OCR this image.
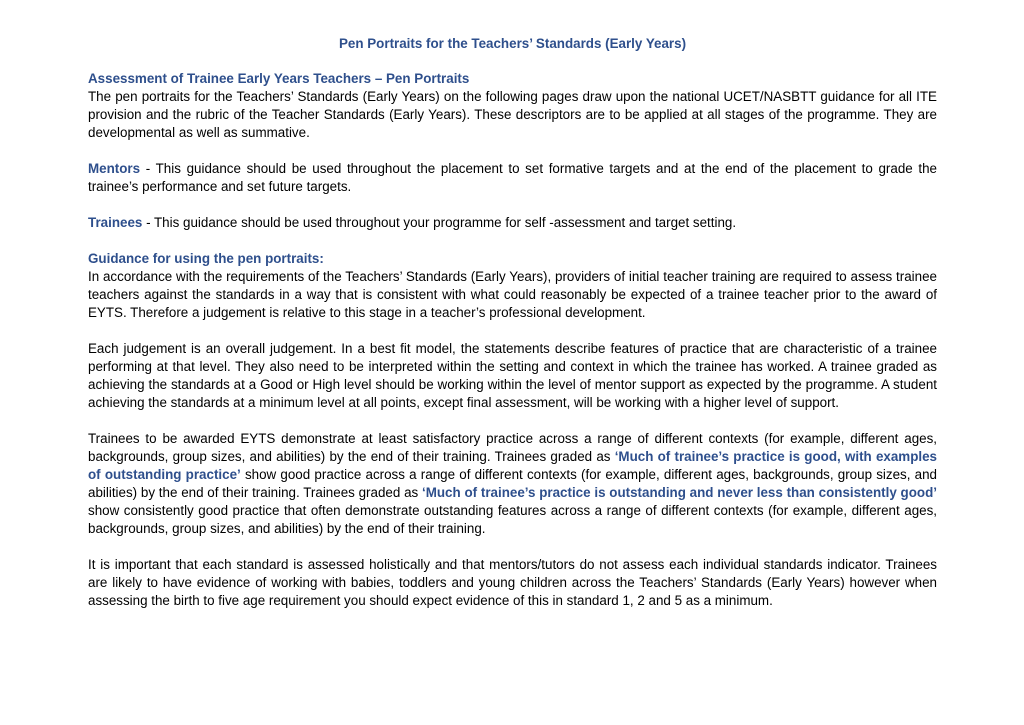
Pen Portraits for the Teachers’ Standards (Early Years)
Assessment of Trainee Early Years Teachers – Pen Portraits

The pen portraits for the Teachers’ Standards (Early Years) on the following pages draw upon the national UCET/NASBTT guidance for all ITE provision and the rubric of the Teacher Standards (Early Years). These descriptors are to be applied at all stages of the programme. They are developmental as well as summative.

Mentors - This guidance should be used throughout the placement to set formative targets and at the end of the placement to grade the trainee’s performance and set future targets.

Trainees - This guidance should be used throughout your programme for self -assessment and target setting.

Guidance for using the pen portraits:

In accordance with the requirements of the Teachers’ Standards (Early Years), providers of initial teacher training are required to assess trainee teachers against the standards in a way that is consistent with what could reasonably be expected of a trainee teacher prior to the award of EYTS. Therefore a judgement is relative to this stage in a teacher’s professional development.

Each judgement is an overall judgement. In a best fit model, the statements describe features of practice that are characteristic of a trainee performing at that level. They also need to be interpreted within the setting and context in which the trainee has worked. A trainee graded as achieving the standards at a Good or High level should be working within the level of mentor support as expected by the programme. A student achieving the standards at a minimum level at all points, except final assessment, will be working with a higher level of support.

Trainees to be awarded EYTS demonstrate at least satisfactory practice across a range of different contexts (for example, different ages, backgrounds, group sizes, and abilities) by the end of their training. Trainees graded as ‘Much of trainee’s practice is good, with examples of outstanding practice’ show good practice across a range of different contexts (for example, different ages, backgrounds, group sizes, and abilities) by the end of their training. Trainees graded as ‘Much of trainee’s practice is outstanding and never less than consistently good’ show consistently good practice that often demonstrate outstanding features across a range of different contexts (for example, different ages, backgrounds, group sizes, and abilities) by the end of their training.

It is important that each standard is assessed holistically and that mentors/tutors do not assess each individual standards indicator. Trainees are likely to have evidence of working with babies, toddlers and young children across the Teachers’ Standards (Early Years) however when assessing the birth to five age requirement you should expect evidence of this in standard 1, 2 and 5 as a minimum.
